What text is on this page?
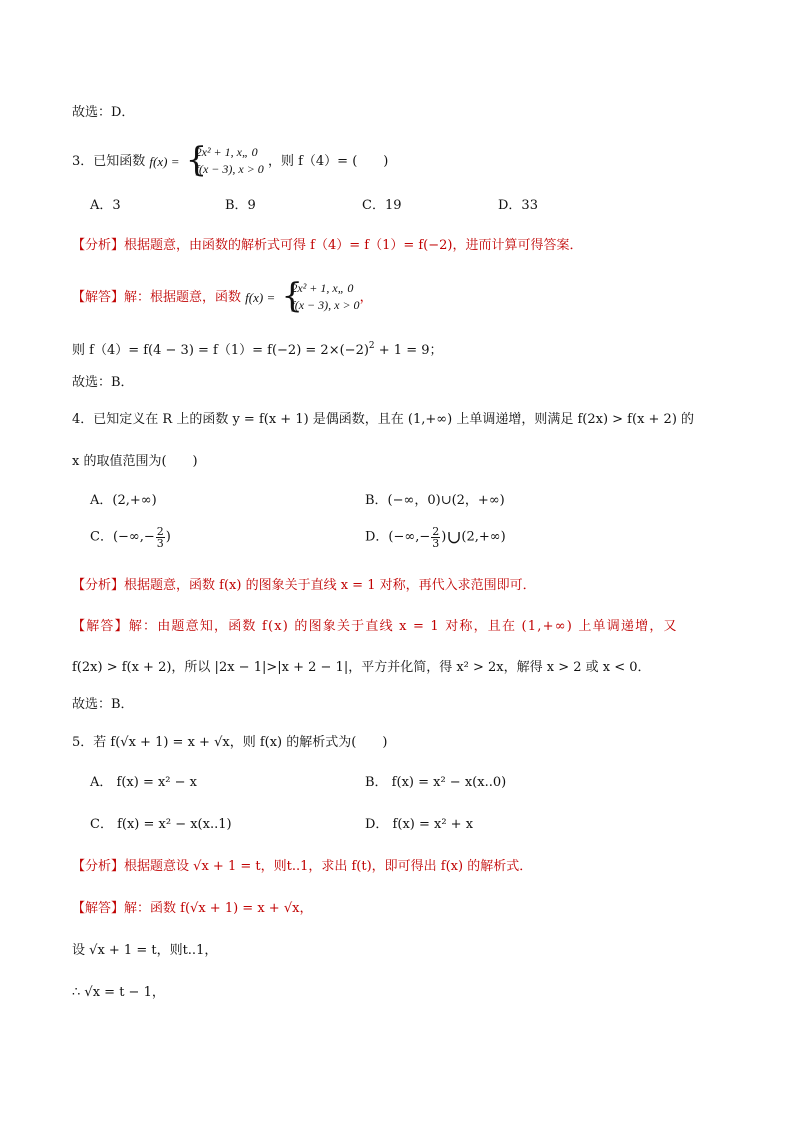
故选：D．
3．已知函数 f(x) = {
2x² + 1, x„ 0
f(x − 3), x > 0 ，则 f（4）= (　　)
A．3	B．9	C．19	D．33
【分析】根据题意，由函数的解析式可得 f（4）= f（1）= f(−2)，进而计算可得答案．
【解答】解：根据题意，函数 f(x) = {
2x² + 1, x„ 0
f(x − 3), x > 0 ，
则 $f(4)= f(4 - 3) = f(1)= f(-2) = 2\times(-2)^2 + 1 = 9$；
故选：B．
4．已知定义在 R 上的函数 y = f(x + 1) 是偶函数，且在 (1,+∞) 上单调递增，则满足 f(2x) > f(x + 2) 的
x 的取值范围为(　　)
A．(2,+∞)	B．(−∞，0)∪(2，+∞)
C．(−∞,− $\frac{2}{3}$ )	D．(−∞,− $\frac{2}{3}$ )∪(2,+∞)
【分析】根据题意，函数 f(x) 的图象关于直线 x = 1 对称，再代入求范围即可．
【解答】解：由题意知，函数 f(x) 的图象关于直线 x = 1 对称，且在 (1,+∞) 上单调递增，又
f(2x) > f(x + 2)，所以 |2x − 1|>|x + 2 − 1|，平方并化简，得 x² > 2x，解得 x > 2 或 x < 0．
故选：B．
5．若 f(√x + 1) = x + √x，则 f(x) 的解析式为(　　)
A． f(x) = x² − x	B． f(x) = x² − x(x..0)
C． f(x) = x² − x(x..1)	D． f(x) = x² + x
【分析】根据题意设 √x + 1 = t，则t..1，求出 f(t)，即可得出 f(x) 的解析式．
【解答】解：函数 f(√x + 1) = x + √x，
设 √x + 1 = t，则t..1，
∴ √x = t − 1，
